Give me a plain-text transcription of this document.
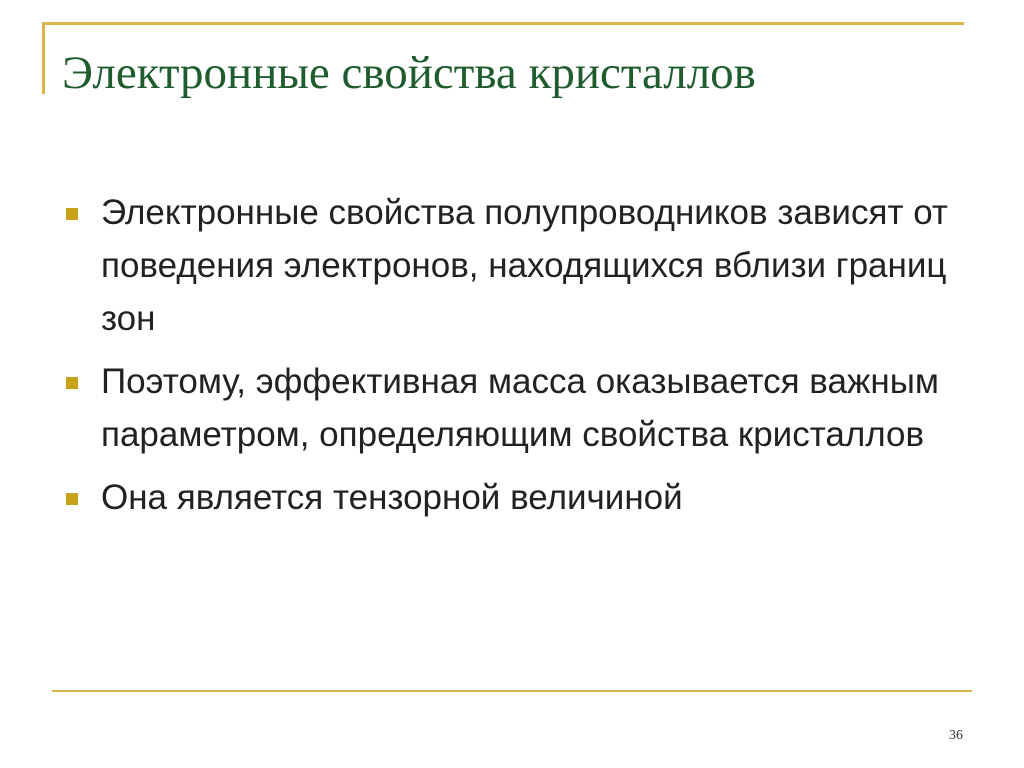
Электронные свойства кристаллов
Электронные свойства полупроводников зависят от поведения электронов, находящихся вблизи границ зон
Поэтому, эффективная масса оказывается важным параметром, определяющим свойства кристаллов
Она является тензорной величиной
36
